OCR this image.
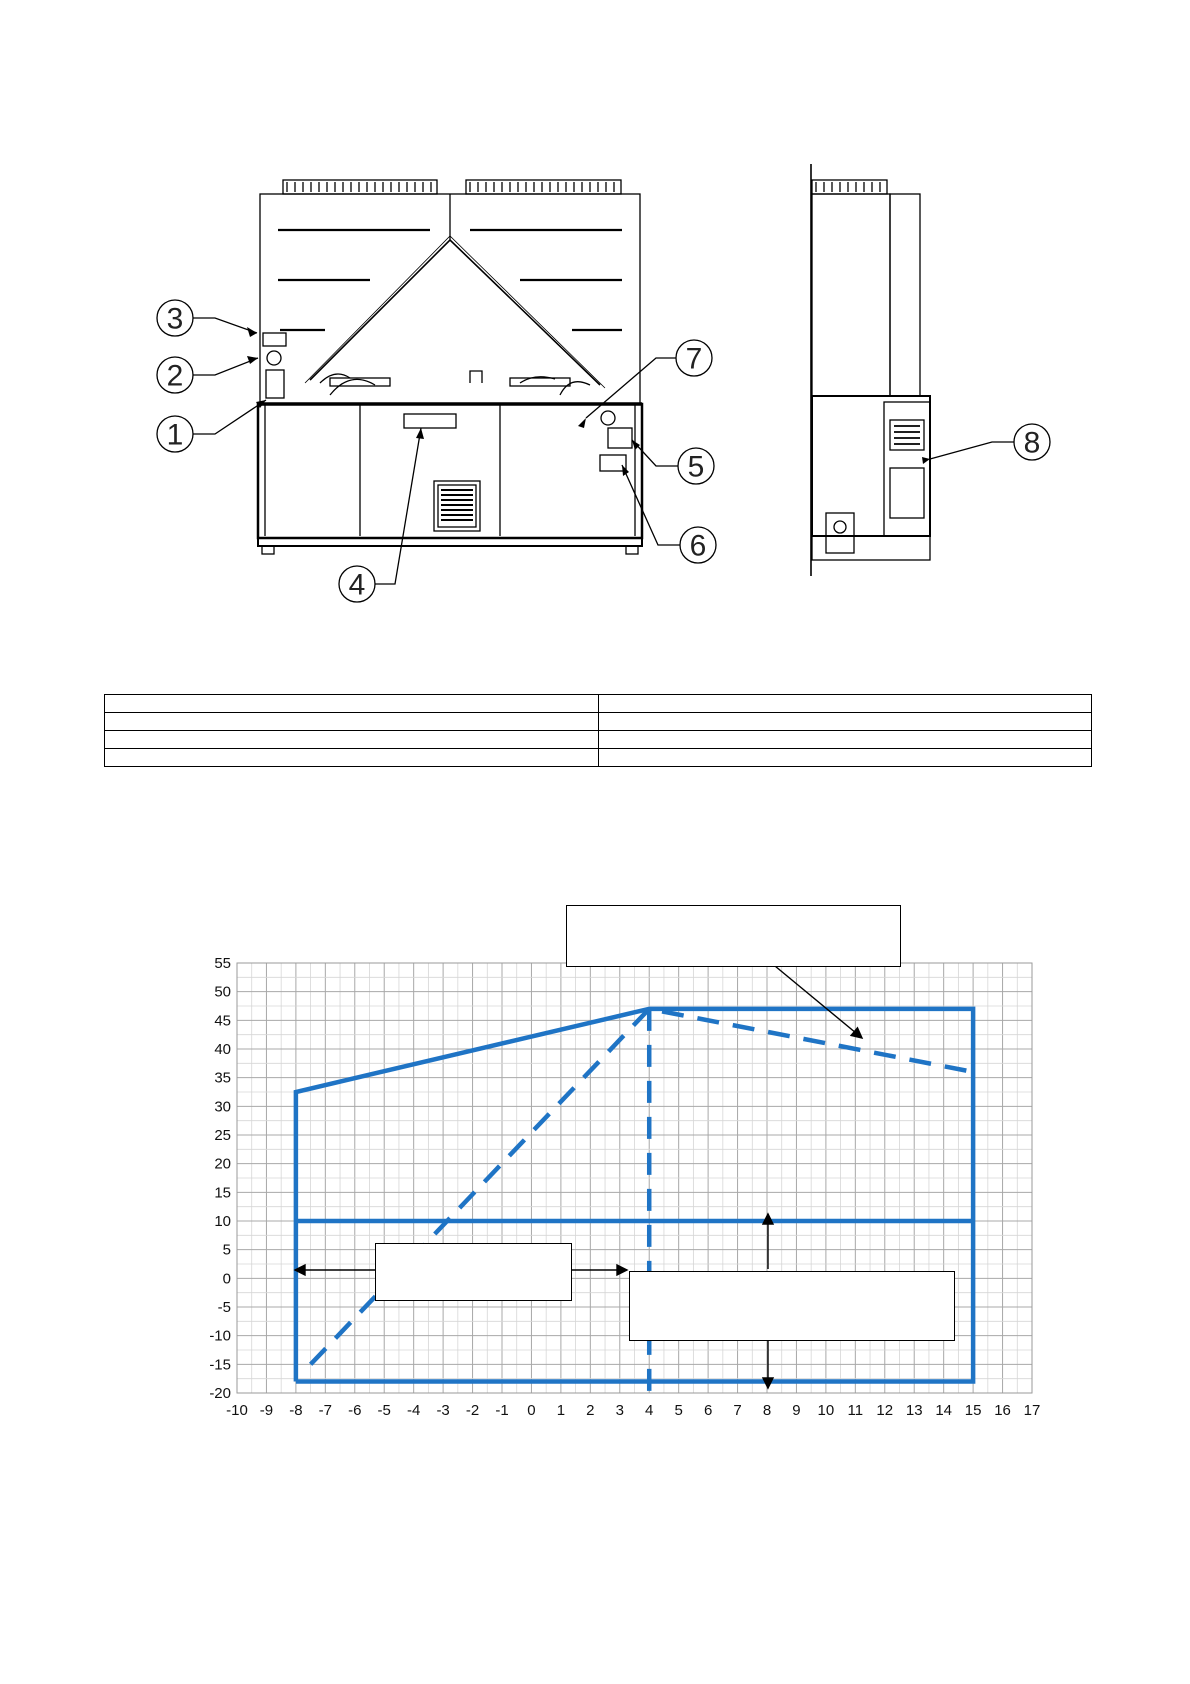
3
2
1
4
5
6
7
8

-10 -9 -8 -7 -6 -5 -4 -3 -2 -1 0 1 2 3 4 5 6 7 8 9 10 11 12 13 14 15 16 17
-20
-15
-10
-5
0
5
10
15
20
25
30
35
40
45
50
55
